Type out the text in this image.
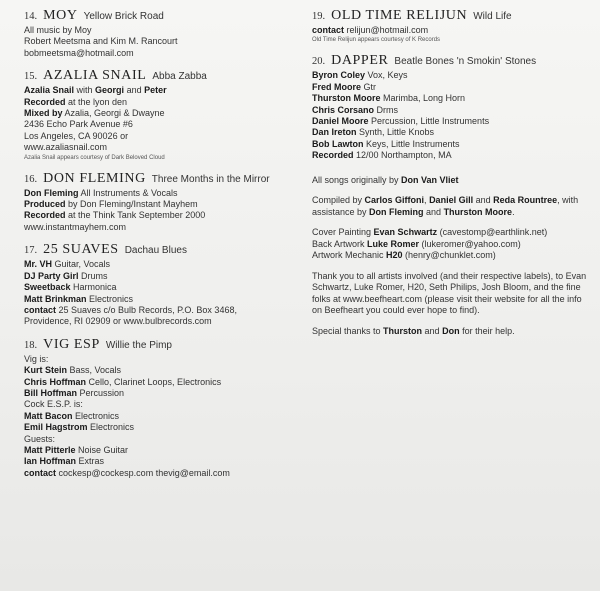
14. MOY Yellow Brick Road
All music by Moy
Robert Meetsma and Kim M. Rancourt
bobmeetsma@hotmail.com
15. AZALIA SNAIL Abba Zabba
Azalia Snail with Georgi and Peter
Recorded at the lyon den
Mixed by Azalia, Georgi & Dwayne
2436 Echo Park Avenue #6
Los Angeles, CA 90026 or
www.azaliasnail.com
Azalia Snail appears courtesy of Dark Beloved Cloud
16. DON FLEMING Three Months in the Mirror
Don Fleming All Instruments & Vocals
Produced by Don Fleming/Instant Mayhem
Recorded at the Think Tank September 2000
www.instantmayhem.com
17. 25 SUAVES Dachau Blues
Mr. VH Guitar, Vocals
DJ Party Girl Drums
Sweetback Harmonica
Matt Brinkman Electronics
contact 25 Suaves c/o Bulb Records, P.O. Box 3468,
Providence, RI 02909 or www.bulbrecords.com
18. VIG ESP Willie the Pimp
Vig is:
Kurt Stein Bass, Vocals
Chris Hoffman Cello, Clarinet Loops, Electronics
Bill Hoffman Percussion
Cock E.S.P. is:
Matt Bacon Electronics
Emil Hagstrom Electronics
Guests:
Matt Pitterle Noise Guitar
Ian Hoffman Extras
contact cockesp@cockesp.com thevig@email.com
19. OLD TIME RELIJUN Wild Life
contact relijun@hotmail.com
Old Time Relijun appears courtesy of K Records
20. DAPPER Beatle Bones 'n Smokin' Stones
Byron Coley Vox, Keys
Fred Moore Gtr
Thurston Moore Marimba, Long Horn
Chris Corsano Drms
Daniel Moore Percussion, Little Instruments
Dan Ireton Synth, Little Knobs
Bob Lawton Keys, Little Instruments
Recorded 12/00 Northampton, MA
All songs originally by Don Van Vliet
Compiled by Carlos Giffoni, Daniel Gill and Reda Rountree, with assistance by Don Fleming and Thurston Moore.
Cover Painting Evan Schwartz (cavestomp@earthlink.net)
Back Artwork Luke Romer (lukeromer@yahoo.com)
Artwork Mechanic H20 (henry@chunklet.com)
Thank you to all artists involved (and their respective labels), to Evan Schwartz, Luke Romer, H20, Seth Philips, Josh Bloom, and the fine folks at www.beefheart.com (please visit their website for all the info on Beefheart you could ever hope to find).
Special thanks to Thurston and Don for their help.
